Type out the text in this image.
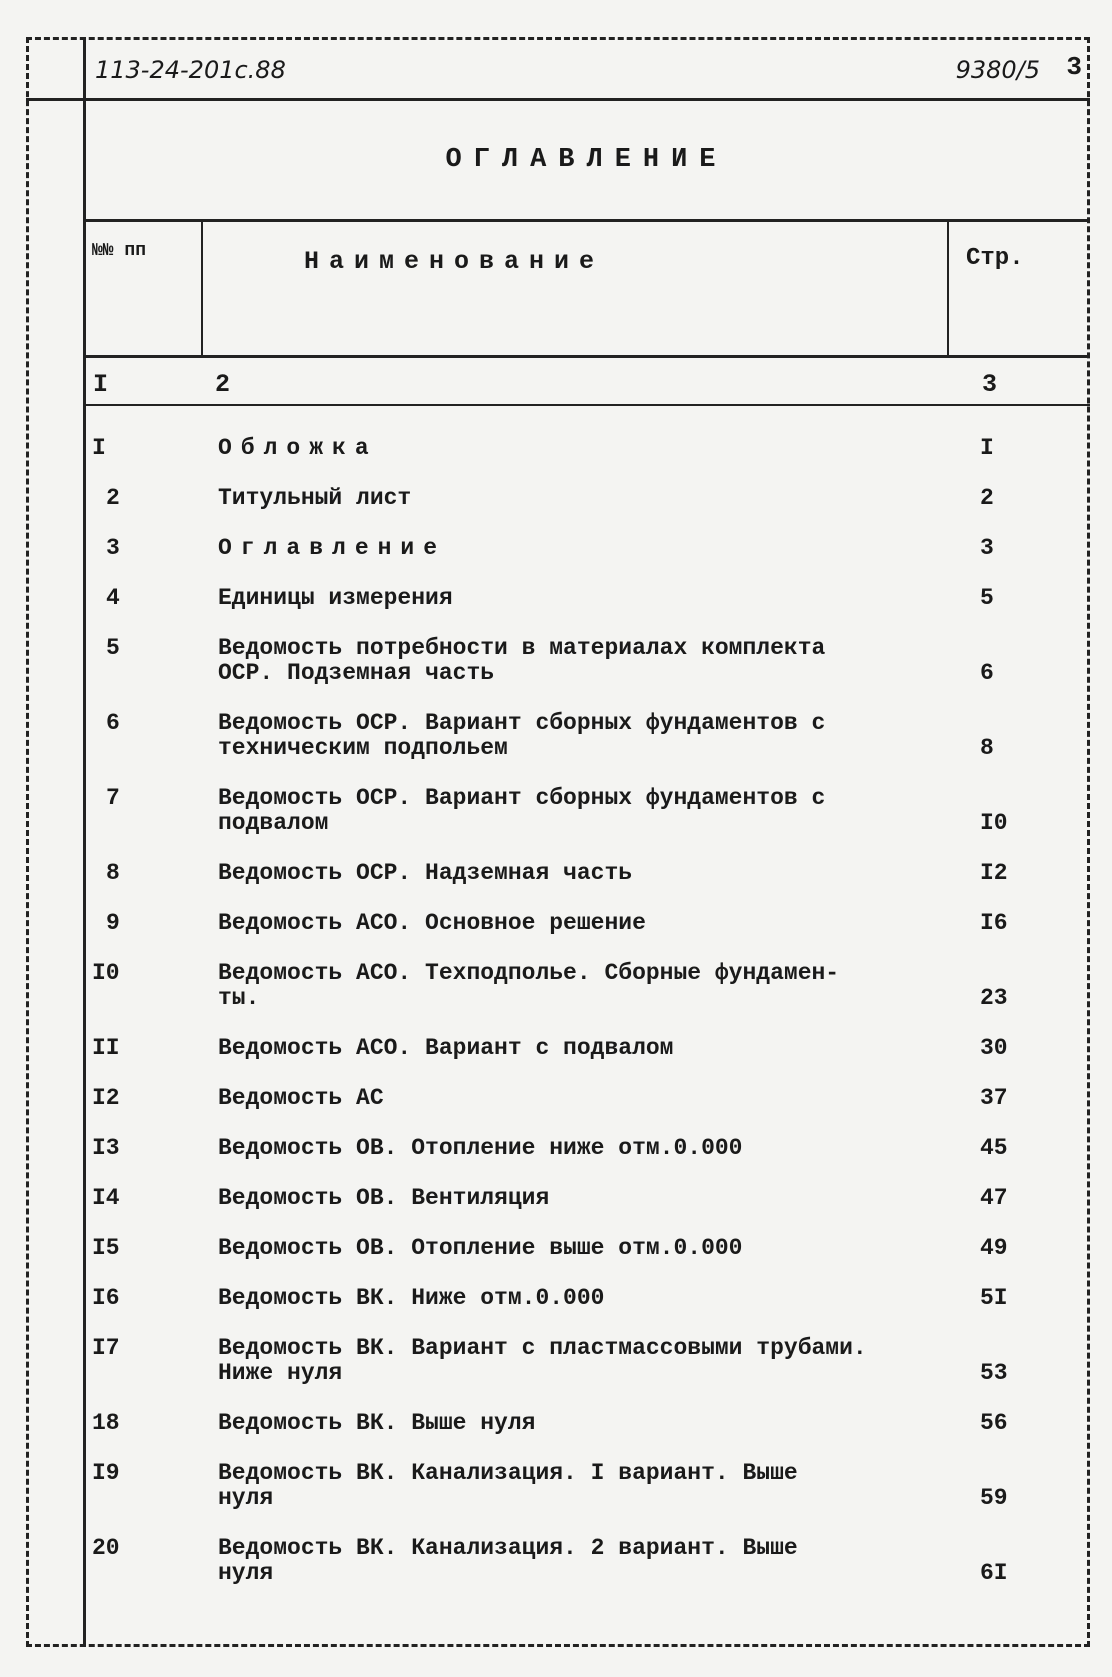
113-24-201с.88	9380/5 3
ОГЛАВЛЕНИЕ
№№ пп	Наименование	Стр.
I	2	3
I	Обложка	I
2	Титульный лист	2
3	Оглавление	3
4	Единицы измерения	5
5	Ведомость потребности в материалах комплекта
ОСР. Подземная часть	6
6	Ведомость ОСР. Вариант сборных фундаментов с
техническим подпольем	8
7	Ведомость ОСР. Вариант сборных фундаментов с
подвалом	I0
8	Ведомость ОСР. Надземная часть	I2
9	Ведомость АСО. Основное решение	I6
I0	Ведомость АСО. Техподполье. Сборные фундамен-
ты.	23
II	Ведомость АСО. Вариант с подвалом	30
I2	Ведомость АС	37
I3	Ведомость ОВ. Отопление ниже отм.0.000	45
I4	Ведомость ОВ. Вентиляция	47
I5	Ведомость ОВ. Отопление выше отм.0.000	49
I6	Ведомость ВК. Ниже отм.0.000	5I
I7	Ведомость ВК. Вариант с пластмассовыми трубами.
Ниже нуля	53
18	Ведомость ВК. Выше нуля	56
I9	Ведомость ВК. Канализация. I вариант. Выше
нуля	59
20	Ведомость ВК. Канализация. 2 вариант. Выше
нуля	6I
